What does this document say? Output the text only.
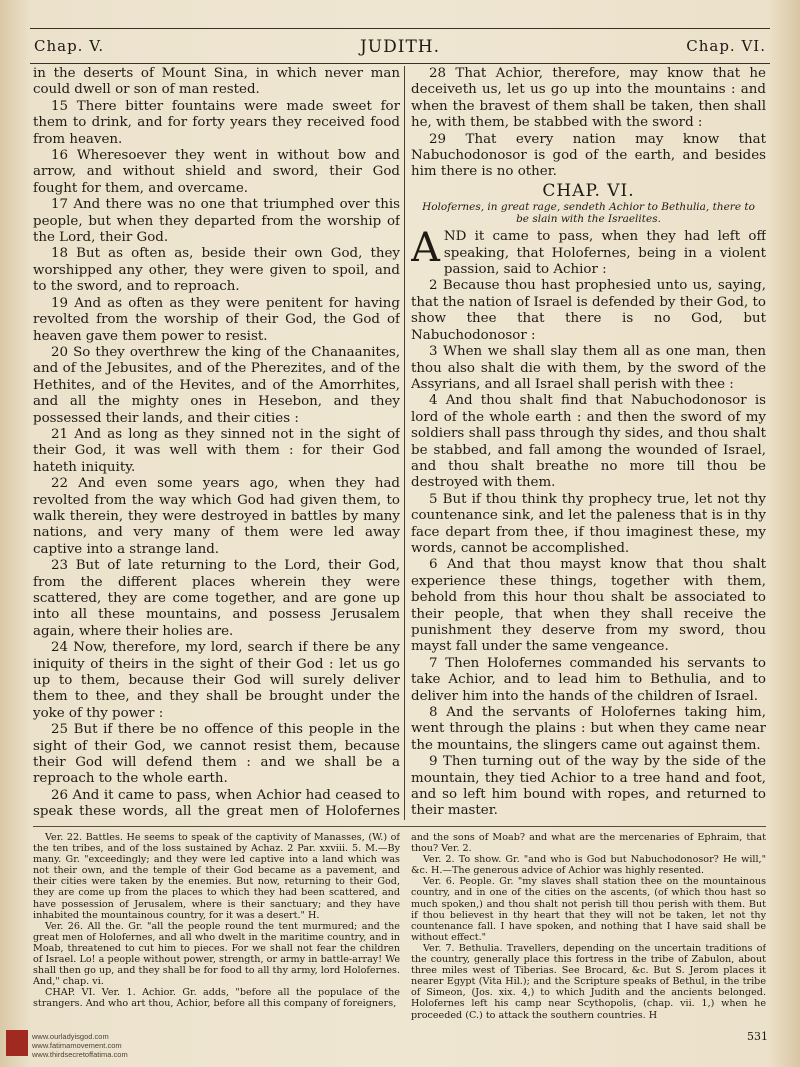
Chap. V.	JUDITH.	Chap. VI.

in the deserts of Mount Sina, in which never man could dwell or son of man rested.

15 There bitter fountains were made sweet for them to drink, and for forty years they received food from heaven.

16 Wheresoever they went in without bow and arrow, and without shield and sword, their God fought for them, and overcame.

17 And there was no one that triumphed over this people, but when they departed from the worship of the Lord, their God.

18 But as often as, beside their own God, they worshipped any other, they were given to spoil, and to the sword, and to reproach.

19 And as often as they were penitent for having revolted from the worship of their God, the God of heaven gave them power to resist.

20 So they overthrew the king of the Chanaanites, and of the Jebusites, and of the Pherezites, and of the Hethites, and of the Hevites, and of the Amorrhites, and all the mighty ones in Hesebon, and they possessed their lands, and their cities :

21 And as long as they sinned not in the sight of their God, it was well with them : for their God hateth iniquity.

22 And even some years ago, when they had revolted from the way which God had given them, to walk therein, they were destroyed in battles by many nations, and very many of them were led away captive into a strange land.

23 But of late returning to the Lord, their God, from the different places wherein they were scattered, they are come together, and are gone up into all these mountains, and possess Jerusalem again, where their holies are.

24 Now, therefore, my lord, search if there be any iniquity of theirs in the sight of their God : let us go up to them, because their God will surely deliver them to thee, and they shall be brought under the yoke of thy power :

25 But if there be no offence of this people in the sight of their God, we cannot resist them, because their God will defend them : and we shall be a reproach to the whole earth.

26 And it came to pass, when Achior had ceased to speak these words, all the great men of Holofernes

28 That Achior, therefore, may know that he deceiveth us, let us go up into the mountains : and when the bravest of them shall be taken, then shall he, with them, be stabbed with the sword :

29 That every nation may know that Nabuchodonosor is god of the earth, and besides him there is no other.

CHAP. VI.
Holofernes, in great rage, sendeth Achior to Bethulia, there to be slain with the Israelites.

AND it came to pass, when they had left off speaking, that Holofernes, being in a violent passion, said to Achior :

2 Because thou hast prophesied unto us, saying, that the nation of Israel is defended by their God, to show thee that there is no God, but Nabuchodonosor :

3 When we shall slay them all as one man, then thou also shalt die with them, by the sword of the Assyrians, and all Israel shall perish with thee :

4 And thou shalt find that Nabuchodonosor is lord of the whole earth : and then the sword of my soldiers shall pass through thy sides, and thou shalt be stabbed, and fall among the wounded of Israel, and thou shalt breathe no more till thou be destroyed with them.

5 But if thou think thy prophecy true, let not thy countenance sink, and let the paleness that is in thy face depart from thee, if thou imaginest these, my words, cannot be accomplished.

6 And that thou mayst know that thou shalt experience these things, together with them, behold from this hour thou shalt be associated to their people, that when they shall receive the punishment they deserve from my sword, thou mayst fall under the same vengeance.

7 Then Holofernes commanded his servants to take Achior, and to lead him to Bethulia, and to deliver him into the hands of the children of Israel.

8 And the servants of Holofernes taking him, went through the plains : but when they came near the mountains, the slingers came out against them.

9 Then turning out of the way by the side of the mountain, they tied Achior to a tree hand and foot, and so left him bound with ropes, and returned to their master.

Ver. 22. Battles. He seems to speak of the captivity of Manasses, (W.) of the ten tribes, and of the loss sustained by Achaz. 2 Par. xxviii. 5. M.—By many. Gr. "exceedingly; and they were led captive into a land which was not their own, and the temple of their God became as a pavement, and their cities were taken by the enemies. But now, returning to their God, they are come up from the places to which they had been scattered, and have possession of Jerusalem, where is their sanctuary; and they have inhabited the mountainous country, for it was a desert." H.

Ver. 26. All the. Gr. "all the people round the tent murmured; and the great men of Holofernes, and all who dwelt in the maritime country, and in Moab, threatened to cut him to pieces. For we shall not fear the children of Israel. Lo! a people without power, strength, or army in battle-array! We shall then go up, and they shall be for food to all thy army, lord Holofernes. And," chap. vi.

CHAP. VI. Ver. 1. Achior. Gr. adds, "before all the populace of the strangers. And who art thou, Achior, before all this company of foreigners,

and the sons of Moab? and what are the mercenaries of Ephraim, that thou? Ver. 2.

Ver. 2. To show. Gr. "and who is God but Nabuchodonosor? He will," &c. H.—The generous advice of Achior was highly resented.

Ver. 6. People. Gr. "my slaves shall station thee on the mountainous country, and in one of the cities on the ascents, (of which thou hast so much spoken,) and thou shalt not perish till thou perish with them. But if thou believest in thy heart that they will not be taken, let not thy countenance fall. I have spoken, and nothing that I have said shall be without effect."

Ver. 7. Bethulia. Travellers, depending on the uncertain traditions of the country, generally place this fortress in the tribe of Zabulon, about three miles west of Tiberias. See Brocard, &c. But S. Jerom places it nearer Egypt (Vita Hil.); and the Scripture speaks of Bethul, in the tribe of Simeon, (Jos. xix. 4,) to which Judith and the ancients belonged. Holofernes left his camp near Scythopolis, (chap. vii. 1,) when he proceeded (C.) to attack the southern countries. H

www.ourladyisgod.com
www.fatimamovement.com
www.thirdsecretoffatima.com
531
